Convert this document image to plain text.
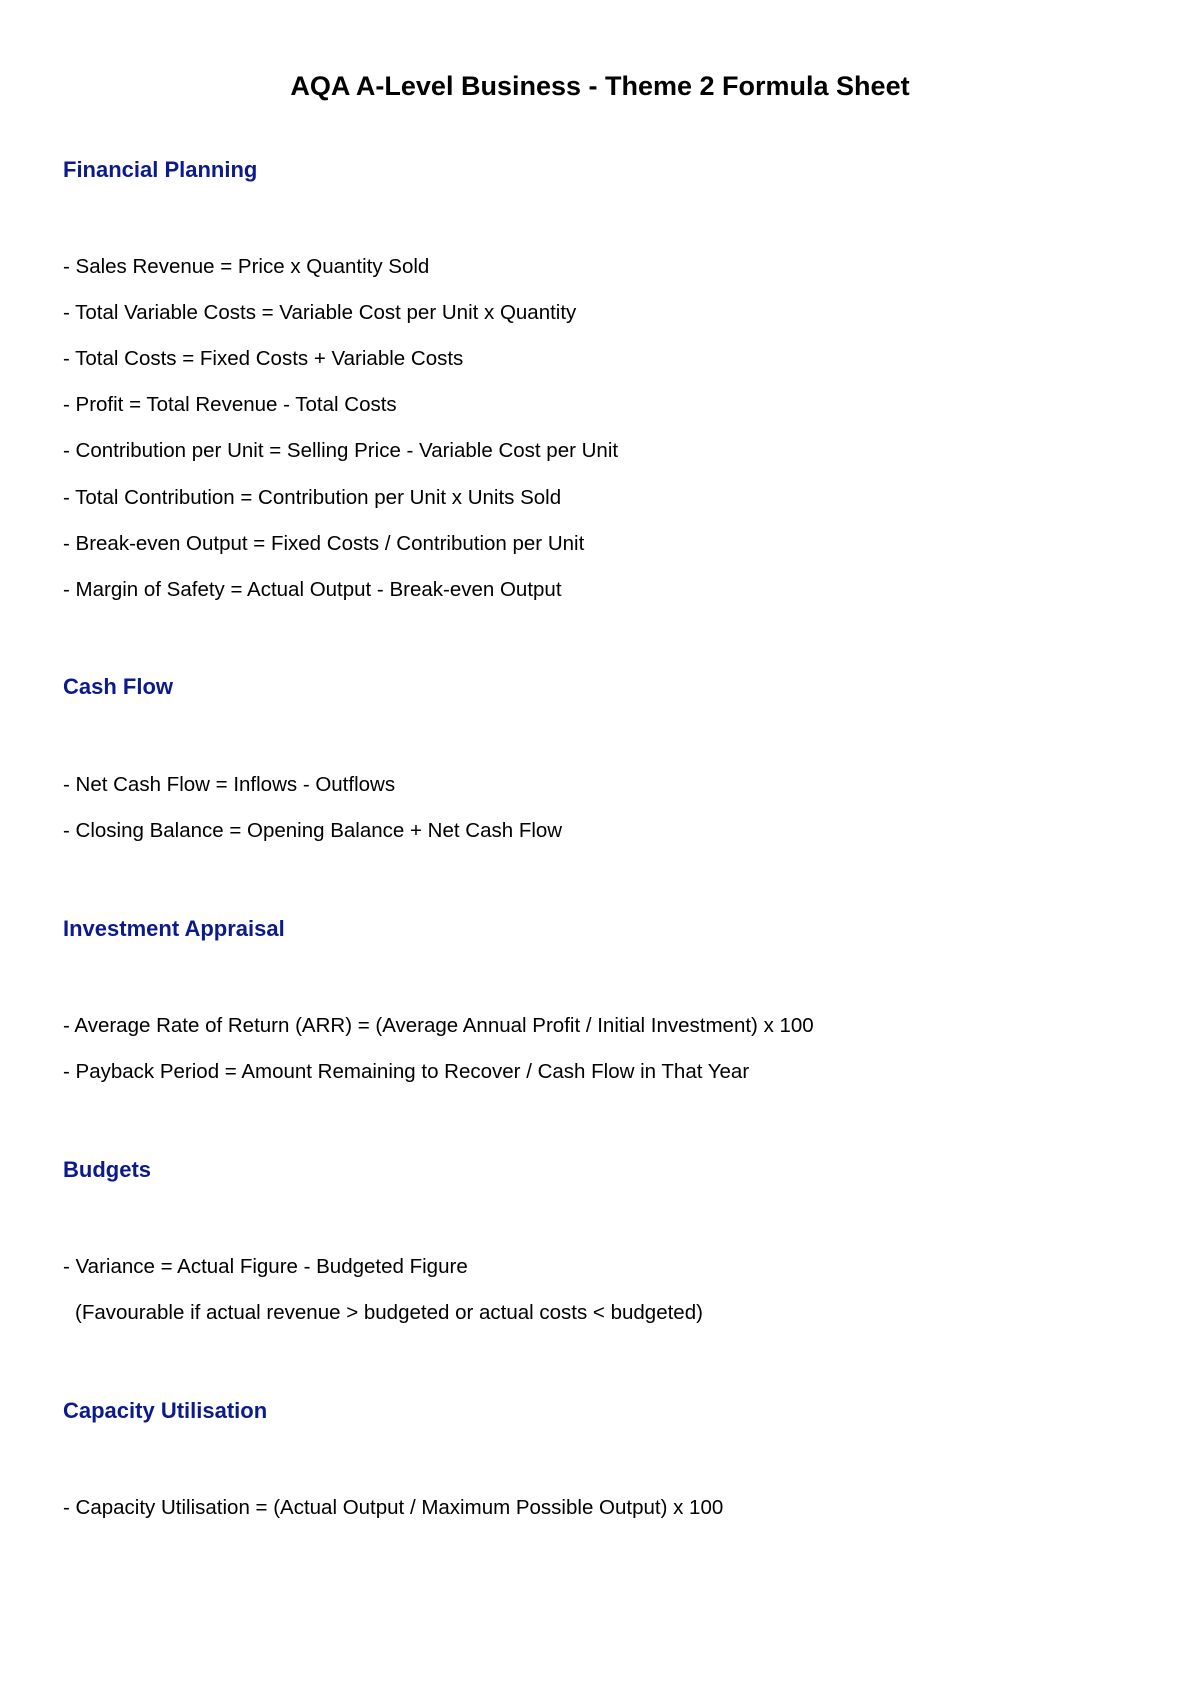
AQA A-Level Business - Theme 2 Formula Sheet
Financial Planning

- Sales Revenue = Price x Quantity Sold

- Total Variable Costs = Variable Cost per Unit x Quantity

- Total Costs = Fixed Costs + Variable Costs

- Profit = Total Revenue - Total Costs

- Contribution per Unit = Selling Price - Variable Cost per Unit

- Total Contribution = Contribution per Unit x Units Sold

- Break-even Output = Fixed Costs / Contribution per Unit

- Margin of Safety = Actual Output - Break-even Output

Cash Flow

- Net Cash Flow = Inflows - Outflows

- Closing Balance = Opening Balance + Net Cash Flow

Investment Appraisal

- Average Rate of Return (ARR) = (Average Annual Profit / Initial Investment) x 100

- Payback Period = Amount Remaining to Recover / Cash Flow in That Year

Budgets

- Variance = Actual Figure - Budgeted Figure

(Favourable if actual revenue > budgeted or actual costs < budgeted)

Capacity Utilisation

- Capacity Utilisation = (Actual Output / Maximum Possible Output) x 100
